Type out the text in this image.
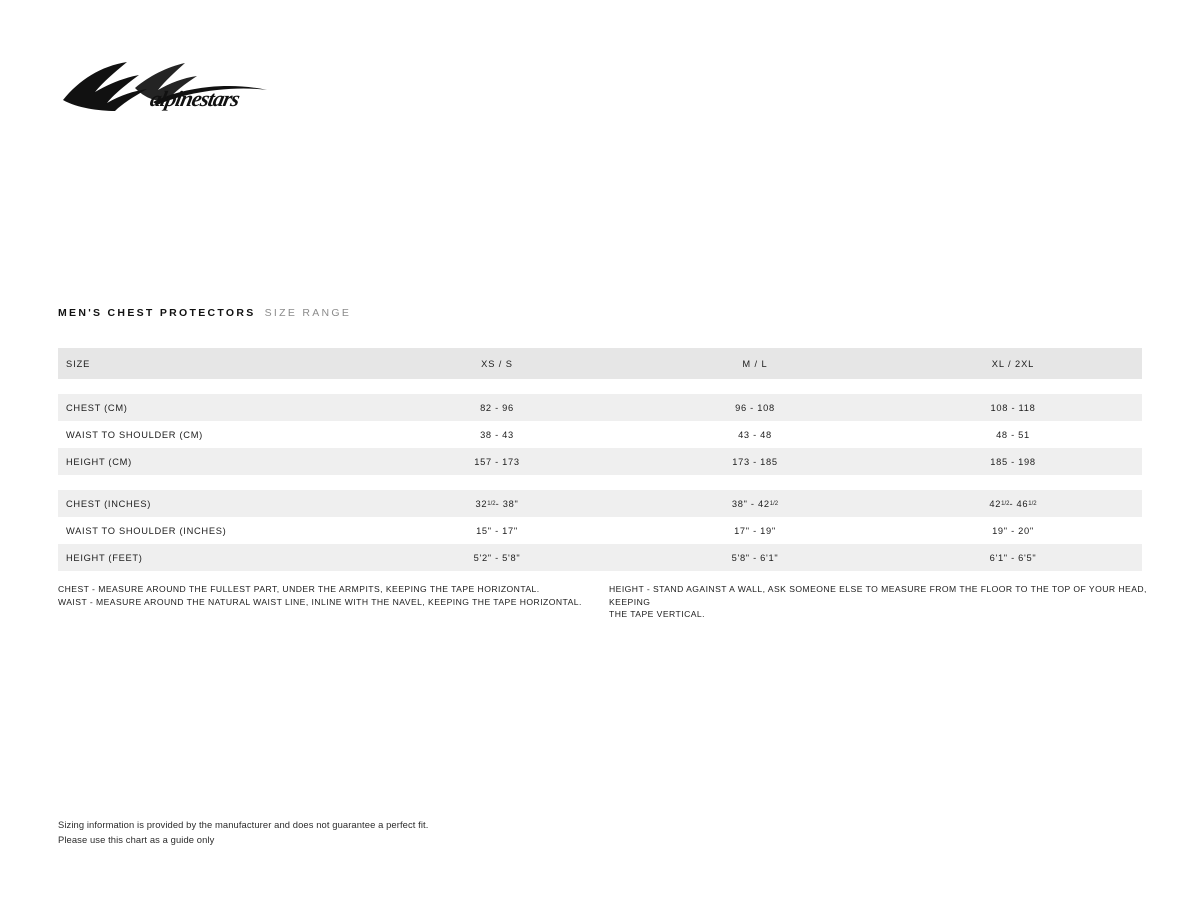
alpinestars
MEN'S CHEST PROTECTORS SIZE RANGE
SIZE	XS / S	M / L	XL / 2XL
CHEST (CM)	82 - 96	96 - 108	108 - 118
WAIST TO SHOULDER (CM)	38 - 43	43 - 48	48 - 51
HEIGHT (CM)	157 - 173	173 - 185	185 - 198
CHEST (INCHES)	32 1/2 - 38"	38" - 42 1/2	42 1/2 - 46 1/2
WAIST TO SHOULDER (INCHES)	15" - 17"	17" - 19"	19" - 20"
HEIGHT (FEET)	5'2" - 5'8"	5'8" - 6'1"	6'1" - 6'5"
CHEST - MEASURE AROUND THE FULLEST PART, UNDER THE ARMPITS, KEEPING THE TAPE HORIZONTAL.
WAIST - MEASURE AROUND THE NATURAL WAIST LINE, INLINE WITH THE NAVEL, KEEPING THE TAPE HORIZONTAL.
HEIGHT - STAND AGAINST A WALL, ASK SOMEONE ELSE TO MEASURE FROM THE FLOOR TO THE TOP OF YOUR HEAD, KEEPING
THE TAPE VERTICAL.
Sizing information is provided by the manufacturer and does not guarantee a perfect fit.
Please use this chart as a guide only
